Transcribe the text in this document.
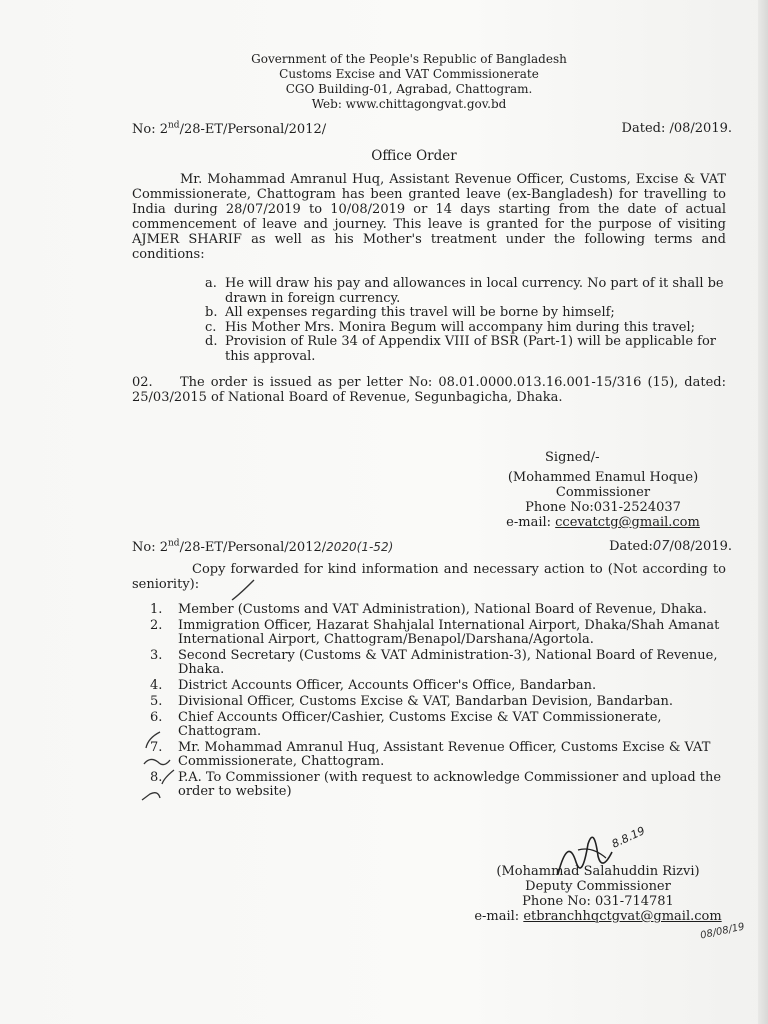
Government of the People's Republic of Bangladesh
Customs Excise and VAT Commissionerate
CGO Building-01, Agrabad, Chattogram.
Web: www.chittagongvat.gov.bd
No: 2nd/28-ET/Personal/2012/	Dated: /08/2019.
Office Order
Mr. Mohammad Amranul Huq, Assistant Revenue Officer, Customs, Excise & VAT Commissionerate, Chattogram has been granted leave (ex-Bangladesh) for travelling to India during 28/07/2019 to 10/08/2019 or 14 days starting from the date of actual commencement of leave and journey. This leave is granted for the purpose of visiting AJMER SHARIF as well as his Mother's treatment under the following terms and conditions:
a. He will draw his pay and allowances in local currency. No part of it shall be drawn in foreign currency.
b. All expenses regarding this travel will be borne by himself;
c. His Mother Mrs. Monira Begum will accompany him during this travel;
d. Provision of Rule 34 of Appendix VIII of BSR (Part-1) will be applicable for this approval.
02. The order is issued as per letter No: 08.01.0000.013.16.001-15/316 (15), dated: 25/03/2015 of National Board of Revenue, Segunbagicha, Dhaka.
Signed/-
(Mohammed Enamul Hoque)
Commissioner
Phone No:031-2524037
e-mail: ccevatctg@gmail.com
No: 2nd/28-ET/Personal/2012/2020(1-52)	Dated:07/08/2019.
Copy forwarded for kind information and necessary action to (Not according to seniority):
1.	Member (Customs and VAT Administration), National Board of Revenue, Dhaka.
2.	Immigration Officer, Hazarat Shahjalal International Airport, Dhaka/Shah Amanat International Airport, Chattogram/Benapol/Darshana/Agortola.
3.	Second Secretary (Customs & VAT Administration-3), National Board of Revenue, Dhaka.
4.	District Accounts Officer, Accounts Officer's Office, Bandarban.
5.	Divisional Officer, Customs Excise & VAT, Bandarban Devision, Bandarban.
6.	Chief Accounts Officer/Cashier, Customs Excise & VAT Commissionerate, Chattogram.
7.	Mr. Mohammad Amranul Huq, Assistant Revenue Officer, Customs Excise & VAT Commissionerate, Chattogram.
8.	P.A. To Commissioner (with request to acknowledge Commissioner and upload the order to website)
8.8.19
(Mohammad Salahuddin Rizvi)
Deputy Commissioner
Phone No: 031-714781
e-mail: etbranchhqctgvat@gmail.com
08/08/19
